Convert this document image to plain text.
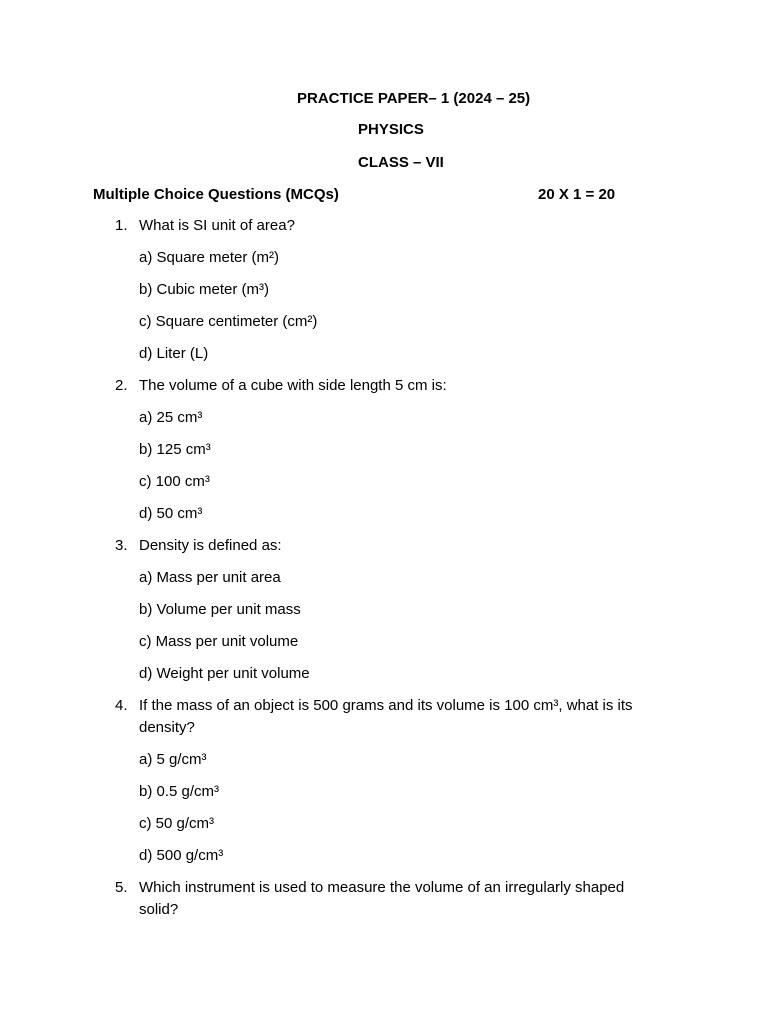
PRACTICE PAPER– 1 (2024 – 25)
PHYSICS
CLASS – VII
Multiple Choice Questions (MCQs)	20 X 1 = 20
1. What is SI unit of area?
a) Square meter (m²)
b) Cubic meter (m³)
c) Square centimeter (cm²)
d) Liter (L)
2. The volume of a cube with side length 5 cm is:
a) 25 cm³
b) 125 cm³
c) 100 cm³
d) 50 cm³
3. Density is defined as:
a) Mass per unit area
b) Volume per unit mass
c) Mass per unit volume
d) Weight per unit volume
4. If the mass of an object is 500 grams and its volume is 100 cm³, what is its density?
a) 5 g/cm³
b) 0.5 g/cm³
c) 50 g/cm³
d) 500 g/cm³
5. Which instrument is used to measure the volume of an irregularly shaped solid?
